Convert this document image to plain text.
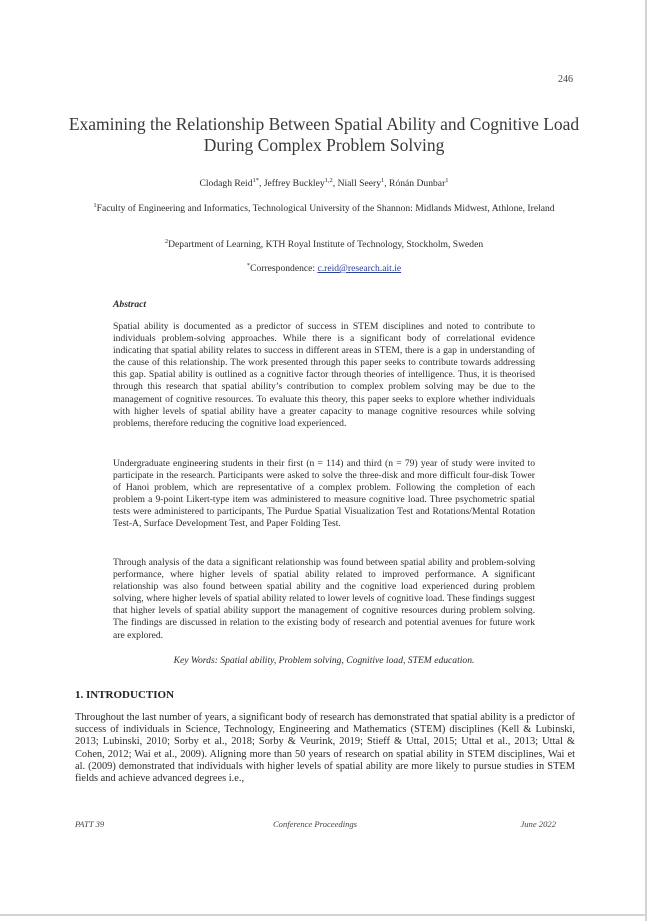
246
Examining the Relationship Between Spatial Ability and Cognitive Load
During Complex Problem Solving
Clodagh Reid$^{1*}$, Jeffrey Buckley$^{1,2}$, Niall Seery$^1$, Rónán Dunbar$^1$
$^1$Faculty of Engineering and Informatics, Technological University of the Shannon: Midlands Midwest, Athlone, Ireland
$^2$Department of Learning, KTH Royal Institute of Technology, Stockholm, Sweden
*Correspondence: c.reid@research.ait.ie
Abstract

Spatial ability is documented as a predictor of success in STEM disciplines and noted to contribute to individuals problem-solving approaches. While there is a significant body of correlational evidence indicating that spatial ability relates to success in different areas in STEM, there is a gap in understanding of the cause of this relationship. The work presented through this paper seeks to contribute towards addressing this gap. Spatial ability is outlined as a cognitive factor through theories of intelligence. Thus, it is theorised through this research that spatial ability’s contribution to complex problem solving may be due to the management of cognitive resources. To evaluate this theory, this paper seeks to explore whether individuals with higher levels of spatial ability have a greater capacity to manage cognitive resources while solving problems, therefore reducing the cognitive load experienced.

Undergraduate engineering students in their first (n = 114) and third (n = 79) year of study were invited to participate in the research. Participants were asked to solve the three-disk and more difficult four-disk Tower of Hanoi problem, which are representative of a complex problem. Following the completion of each problem a 9-point Likert-type item was administered to measure cognitive load. Three psychometric spatial tests were administered to participants, The Purdue Spatial Visualization Test and Rotations/Mental Rotation Test-A, Surface Development Test, and Paper Folding Test.

Through analysis of the data a significant relationship was found between spatial ability and problem-solving performance, where higher levels of spatial ability related to improved performance. A significant relationship was also found between spatial ability and the cognitive load experienced during problem solving, where higher levels of spatial ability related to lower levels of cognitive load. These findings suggest that higher levels of spatial ability support the management of cognitive resources during problem solving. The findings are discussed in relation to the existing body of research and potential avenues for future work are explored.

Key Words: Spatial ability, Problem solving, Cognitive load, STEM education.
1. INTRODUCTION

Throughout the last number of years, a significant body of research has demonstrated that spatial ability is a predictor of success of individuals in Science, Technology, Engineering and Mathematics (STEM) disciplines (Kell & Lubinski, 2013; Lubinski, 2010; Sorby et al., 2018; Sorby & Veurink, 2019; Stieff & Uttal, 2015; Uttal et al., 2013; Uttal & Cohen, 2012; Wai et al., 2009). Aligning more than 50 years of research on spatial ability in STEM disciplines, Wai et al. (2009) demonstrated that individuals with higher levels of spatial ability are more likely to pursue studies in STEM fields and achieve advanced degrees i.e.,

PATT 39	Conference Proceedings	June 2022
